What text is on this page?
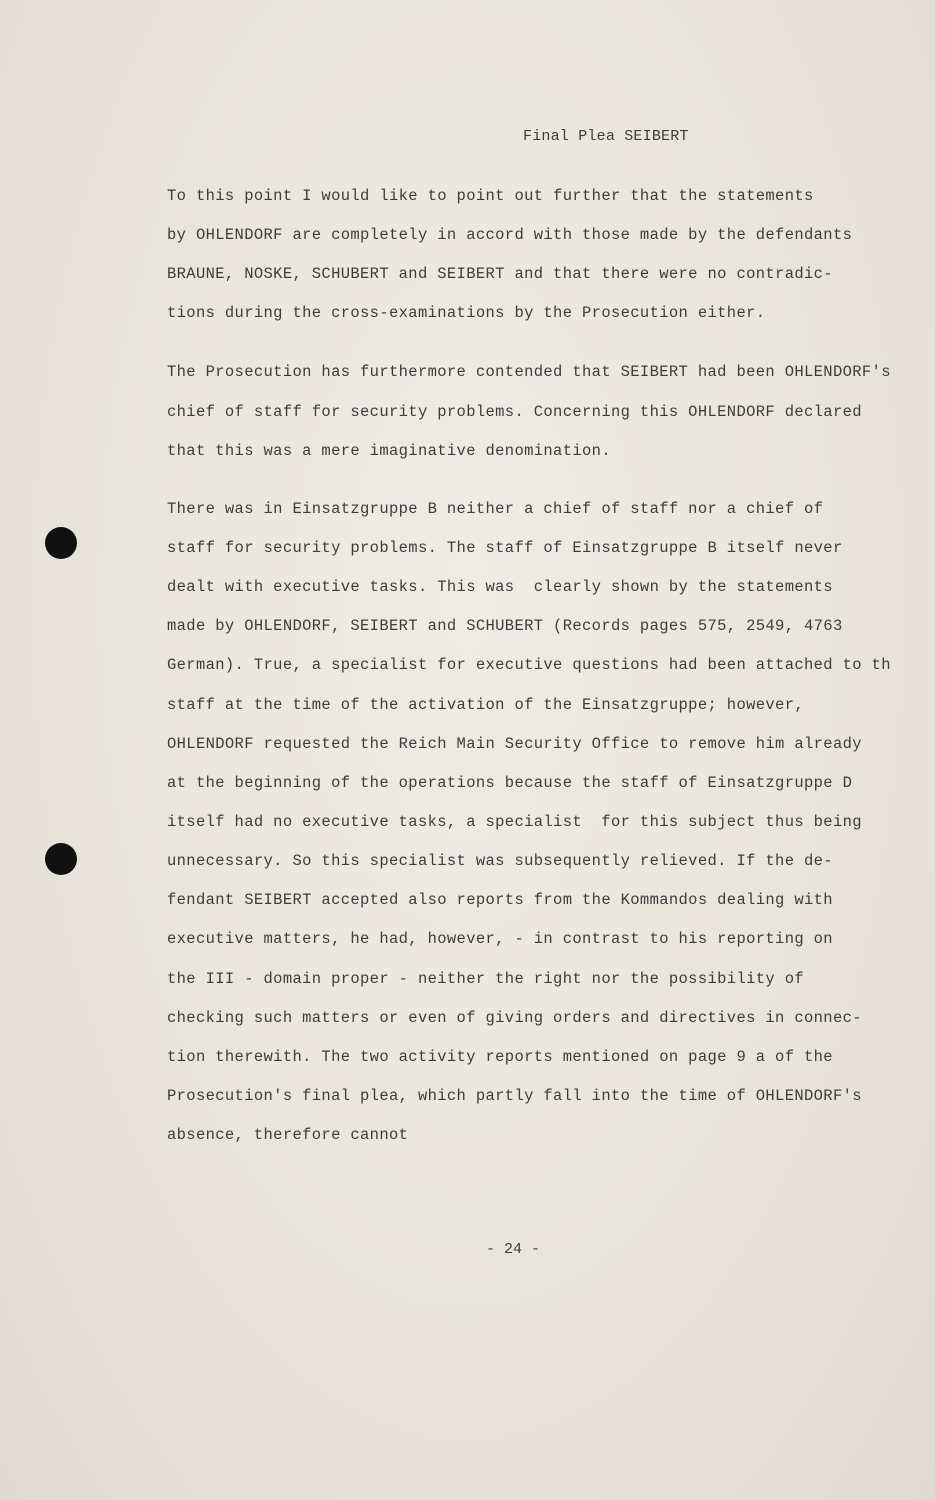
Final Plea SEIBERT
To this point I would like to point out further that the statements
by OHLENDORF are completely in accord with those made by the defendants
BRAUNE, NOSKE, SCHUBERT and SEIBERT and that there were no contradic-
tions during the cross-examinations by the Prosecution either.
The Prosecution has furthermore contended that SEIBERT had been OHLENDORF's
chief of staff for security problems. Concerning this OHLENDORF declared
that this was a mere imaginative denomination.
There was in Einsatzgruppe B neither a chief of staff nor a chief of
staff for security problems. The staff of Einsatzgruppe B itself never
dealt with executive tasks. This was  clearly shown by the statements
made by OHLENDORF, SEIBERT and SCHUBERT (Records pages 575, 2549, 4763
German). True, a specialist for executive questions had been attached to th
staff at the time of the activation of the Einsatzgruppe; however,
OHLENDORF requested the Reich Main Security Office to remove him already
at the beginning of the operations because the staff of Einsatzgruppe D
itself had no executive tasks, a specialist  for this subject thus being
unnecessary. So this specialist was subsequently relieved. If the de-
fendant SEIBERT accepted also reports from the Kommandos dealing with
executive matters, he had, however, - in contrast to his reporting on
the III - domain proper - neither the right nor the possibility of
checking such matters or even of giving orders and directives in connec-
tion therewith. The two activity reports mentioned on page 9 a of the
Prosecution's final plea, which partly fall into the time of OHLENDORF's
absence, therefore cannot
- 24 -
